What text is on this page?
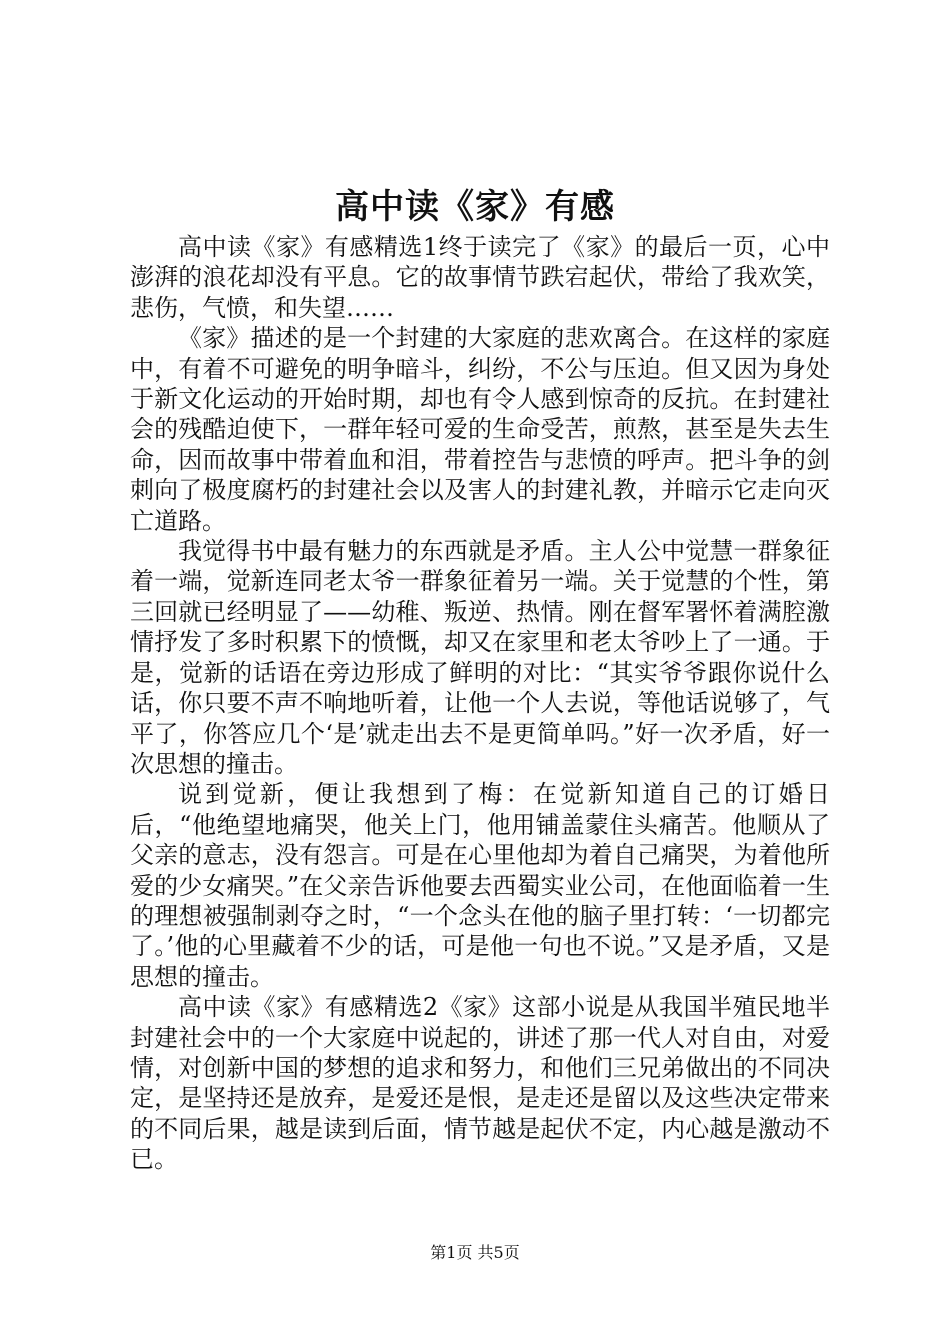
高中读《家》有感

高中读《家》有感精选1终于读完了《家》的最后一页，心中澎湃的浪花却没有平息。它的故事情节跌宕起伏，带给了我欢笑，悲伤，气愤，和失望……

《家》描述的是一个封建的大家庭的悲欢离合。在这样的家庭中，有着不可避免的明争暗斗，纠纷，不公与压迫。但又因为身处于新文化运动的开始时期，却也有令人感到惊奇的反抗。在封建社会的残酷迫使下，一群年轻可爱的生命受苦，煎熬，甚至是失去生命，因而故事中带着血和泪，带着控告与悲愤的呼声。把斗争的剑刺向了极度腐朽的封建社会以及害人的封建礼教，并暗示它走向灭亡道路。

我觉得书中最有魅力的东西就是矛盾。主人公中觉慧一群象征着一端，觉新连同老太爷一群象征着另一端。关于觉慧的个性，第三回就已经明显了——幼稚、叛逆、热情。刚在督军署怀着满腔激情抒发了多时积累下的愤慨，却又在家里和老太爷吵上了一通。于是，觉新的话语在旁边形成了鲜明的对比：“其实爷爷跟你说什么话，你只要不声不响地听着，让他一个人去说，等他话说够了，气平了，你答应几个‘是’就走出去不是更简单吗。”好一次矛盾，好一次思想的撞击。

说到觉新，便让我想到了梅：在觉新知道自己的订婚日后，“他绝望地痛哭，他关上门，他用铺盖蒙住头痛苦。他顺从了父亲的意志，没有怨言。可是在心里他却为着自己痛哭，为着他所爱的少女痛哭。”在父亲告诉他要去西蜀实业公司，在他面临着一生的理想被强制剥夺之时，“一个念头在他的脑子里打转：‘一切都完了。’他的心里藏着不少的话，可是他一句也不说。”又是矛盾，又是思想的撞击。

高中读《家》有感精选2《家》这部小说是从我国半殖民地半封建社会中的一个大家庭中说起的，讲述了那一代人对自由，对爱情，对创新中国的梦想的追求和努力，和他们三兄弟做出的不同决定，是坚持还是放弃，是爱还是恨，是走还是留以及这些决定带来的不同后果，越是读到后面，情节越是起伏不定，内心越是激动不已。

第1页 共5页
